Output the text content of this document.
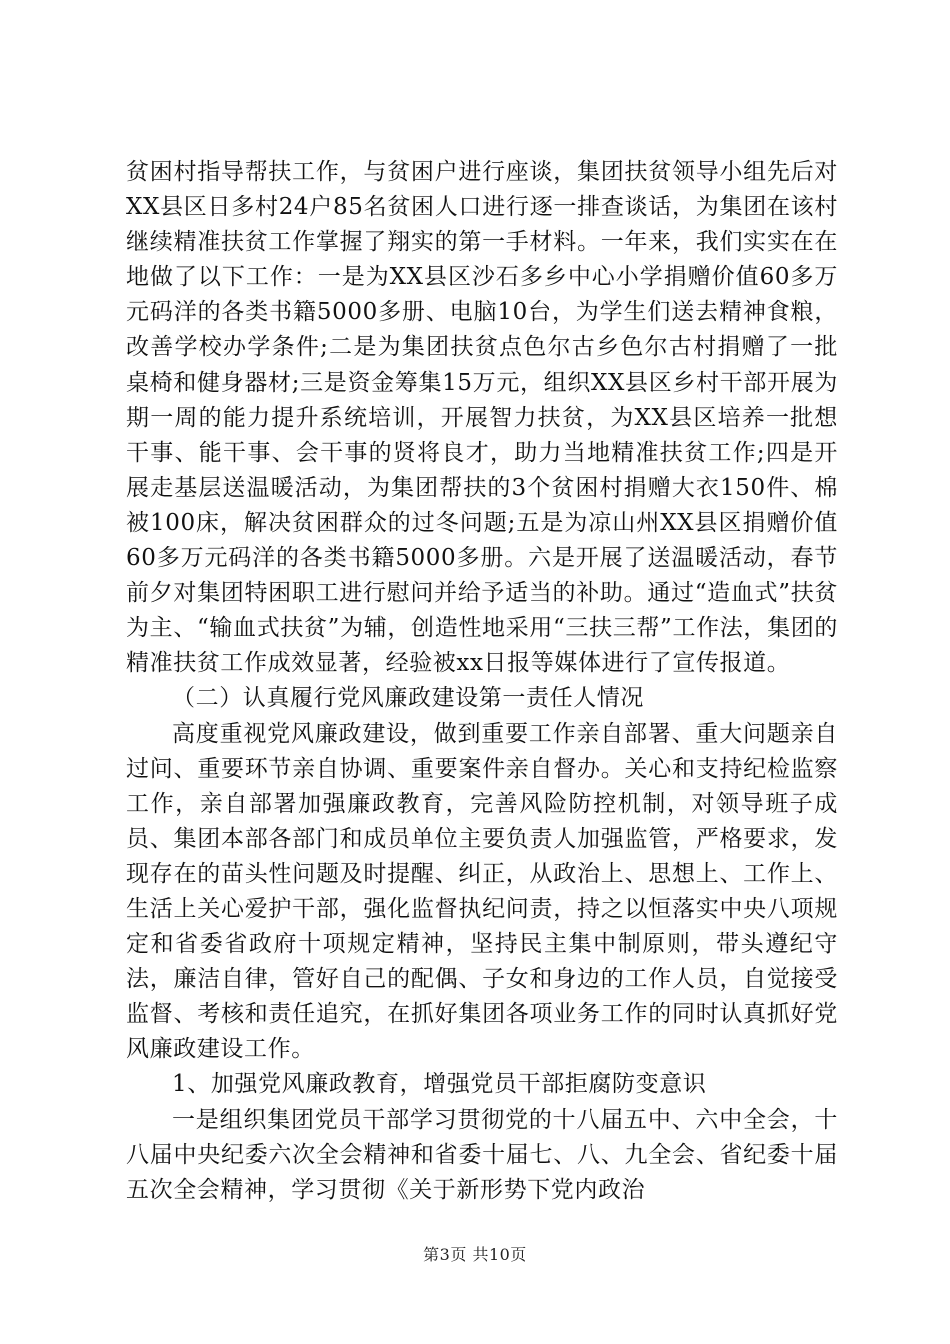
贫困村指导帮扶工作，与贫困户进行座谈，集团扶贫领导小组先后对XX县区日多村24户85名贫困人口进行逐一排查谈话，为集团在该村继续精准扶贫工作掌握了翔实的第一手材料。一年来，我们实实在在地做了以下工作：一是为XX县区沙石多乡中心小学捐赠价值60多万元码洋的各类书籍5000多册、电脑10台，为学生们送去精神食粮，改善学校办学条件;二是为集团扶贫点色尔古乡色尔古村捐赠了一批桌椅和健身器材;三是资金筹集15万元，组织XX县区乡村干部开展为期一周的能力提升系统培训，开展智力扶贫，为XX县区培养一批想干事、能干事、会干事的贤将良才，助力当地精准扶贫工作;四是开展走基层送温暖活动，为集团帮扶的3个贫困村捐赠大衣150件、棉被100床，解决贫困群众的过冬问题;五是为凉山州XX县区捐赠价值60多万元码洋的各类书籍5000多册。六是开展了送温暖活动，春节前夕对集团特困职工进行慰问并给予适当的补助。通过“造血式”扶贫为主、“输血式扶贫”为辅，创造性地采用“三扶三帮”工作法，集团的精准扶贫工作成效显著，经验被xx日报等媒体进行了宣传报道。

（二）认真履行党风廉政建设第一责任人情况

高度重视党风廉政建设，做到重要工作亲自部署、重大问题亲自过问、重要环节亲自协调、重要案件亲自督办。关心和支持纪检监察工作，亲自部署加强廉政教育，完善风险防控机制，对领导班子成员、集团本部各部门和成员单位主要负责人加强监管，严格要求，发现存在的苗头性问题及时提醒、纠正，从政治上、思想上、工作上、生活上关心爱护干部，强化监督执纪问责，持之以恒落实中央八项规定和省委省政府十项规定精神，坚持民主集中制原则，带头遵纪守法，廉洁自律，管好自己的配偶、子女和身边的工作人员，自觉接受监督、考核和责任追究，在抓好集团各项业务工作的同时认真抓好党风廉政建设工作。

1、加强党风廉政教育，增强党员干部拒腐防变意识

一是组织集团党员干部学习贯彻党的十八届五中、六中全会，十八届中央纪委六次全会精神和省委十届七、八、九全会、省纪委十届五次全会精神，学习贯彻《关于新形势下党内政治

第3页 共10页
